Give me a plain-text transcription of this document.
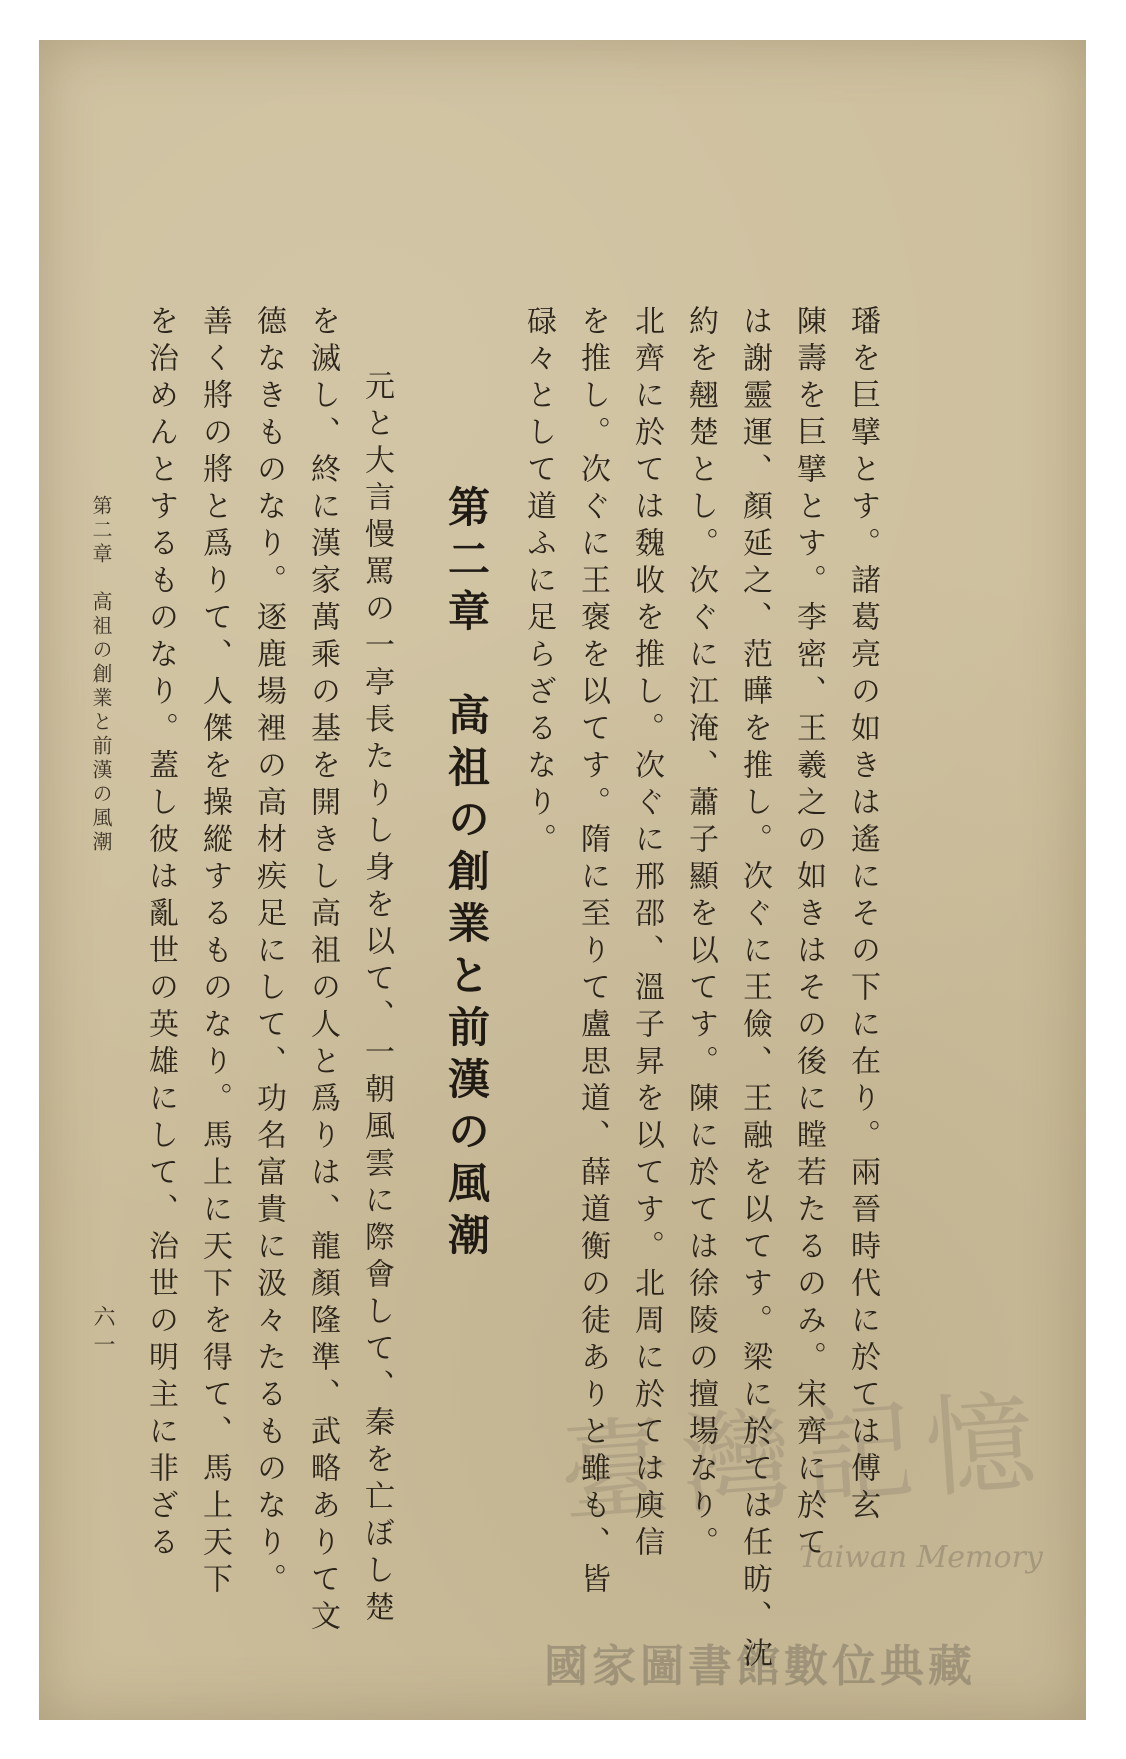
臺灣記憶
Taiwan Memory
國家圖書館數位典藏
璠を巨擘とす。諸葛亮の如きは遙にその下に在り。兩晉時代に於ては傅玄
陳壽を巨擘とす。李密、王羲之の如きはその後に瞠若たるのみ。宋齊に於て
は謝靈運、顏延之、范曄を推し。次ぐに王儉、王融を以てす。梁に於ては任昉、沈
約を翹楚とし。次ぐに江淹、蕭子顯を以てす。陳に於ては徐陵の擅場なり。
北齊に於ては魏收を推し。次ぐに邢邵、溫子昇を以てす。北周に於ては庾信
を推し。次ぐに王褒を以てす。隋に至りて盧思道、薛道衡の徒ありと雖も、皆
碌々として道ふに足らざるなり。
第二章　高祖の創業と前漢の風潮
元と大言慢罵の一亭長たりし身を以て、一朝風雲に際會して、秦を亡ぼし楚
を滅し、終に漢家萬乘の基を開きし高祖の人と爲りは、龍顏隆準、武略ありて文
德なきものなり。逐鹿場裡の高材疾足にして、功名富貴に汲々たるものなり。
善く將の將と爲りて、人傑を操縱するものなり。馬上に天下を得て、馬上天下
を治めんとするものなり。蓋し彼は亂世の英雄にして、治世の明主に非ざる
第二章　高祖の創業と前漢の風潮
六一
